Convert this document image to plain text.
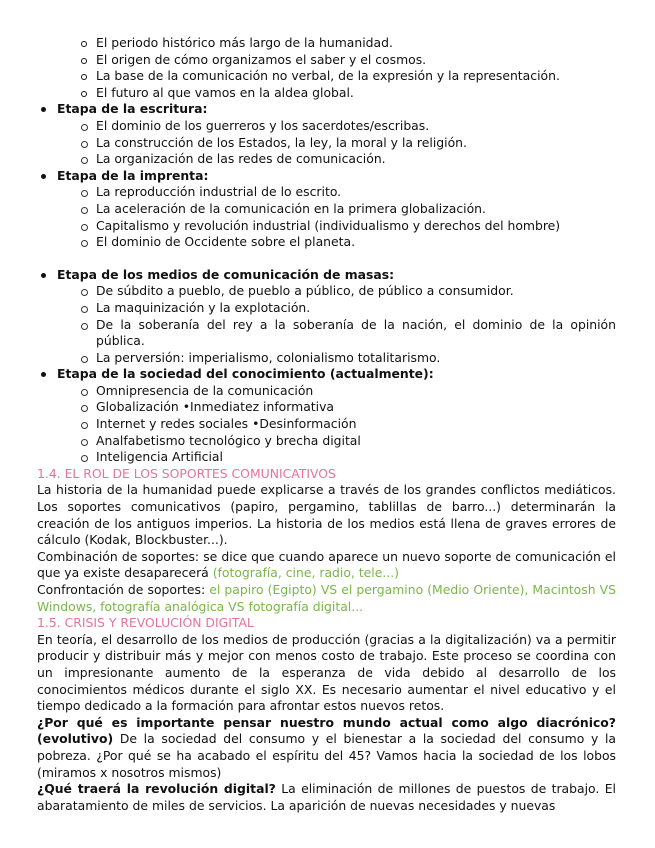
El periodo histórico más largo de la humanidad.
El origen de cómo organizamos el saber y el cosmos.
La base de la comunicación no verbal, de la expresión y la representación.
El futuro al que vamos en la aldea global.
Etapa de la escritura:
El dominio de los guerreros y los sacerdotes/escribas.
La construcción de los Estados, la ley, la moral y la religión.
La organización de las redes de comunicación.
Etapa de la imprenta:
La reproducción industrial de lo escrito.
La aceleración de la comunicación en la primera globalización.
Capitalismo y revolución industrial (individualismo y derechos del hombre)
El dominio de Occidente sobre el planeta.
Etapa de los medios de comunicación de masas:
De súbdito a pueblo, de pueblo a público, de público a consumidor.
La maquinización y la explotación.
De la soberanía del rey a la soberanía de la nación, el dominio de la opinión pública.
La perversión: imperialismo, colonialismo totalitarismo.
Etapa de la sociedad del conocimiento (actualmente):
Omnipresencia de la comunicación
Globalización •Inmediatez informativa
Internet y redes sociales •Desinformación
Analfabetismo tecnológico y brecha digital
Inteligencia Artificial
1.4. EL ROL DE LOS SOPORTES COMUNICATIVOS

La historia de la humanidad puede explicarse a través de los grandes conflictos mediáticos. Los soportes comunicativos (papiro, pergamino, tablillas de barro...) determinarán la creación de los antiguos imperios. La historia de los medios está llena de graves errores de cálculo (Kodak, Blockbuster...).

Combinación de soportes: se dice que cuando aparece un nuevo soporte de comunicación el que ya existe desaparecerá (fotografía, cine, radio, tele...)

Confrontación de soportes: el papiro (Egipto) VS el pergamino (Medio Oriente), Macintosh VS Windows, fotografía analógica VS fotografía digital...

1.5. CRISIS Y REVOLUCIÓN DIGITAL

En teoría, el desarrollo de los medios de producción (gracias a la digitalización) va a permitir producir y distribuir más y mejor con menos costo de trabajo. Este proceso se coordina con un impresionante aumento de la esperanza de vida debido al desarrollo de los conocimientos médicos durante el siglo XX. Es necesario aumentar el nivel educativo y el tiempo dedicado a la formación para afrontar estos nuevos retos.

¿Por qué es importante pensar nuestro mundo actual como algo diacrónico? (evolutivo) De la sociedad del consumo y el bienestar a la sociedad del consumo y la pobreza. ¿Por qué se ha acabado el espíritu del 45? Vamos hacia la sociedad de los lobos (miramos x nosotros mismos)

¿Qué traerá la revolución digital? La eliminación de millones de puestos de trabajo. El abaratamiento de miles de servicios. La aparición de nuevas necesidades y nuevas
